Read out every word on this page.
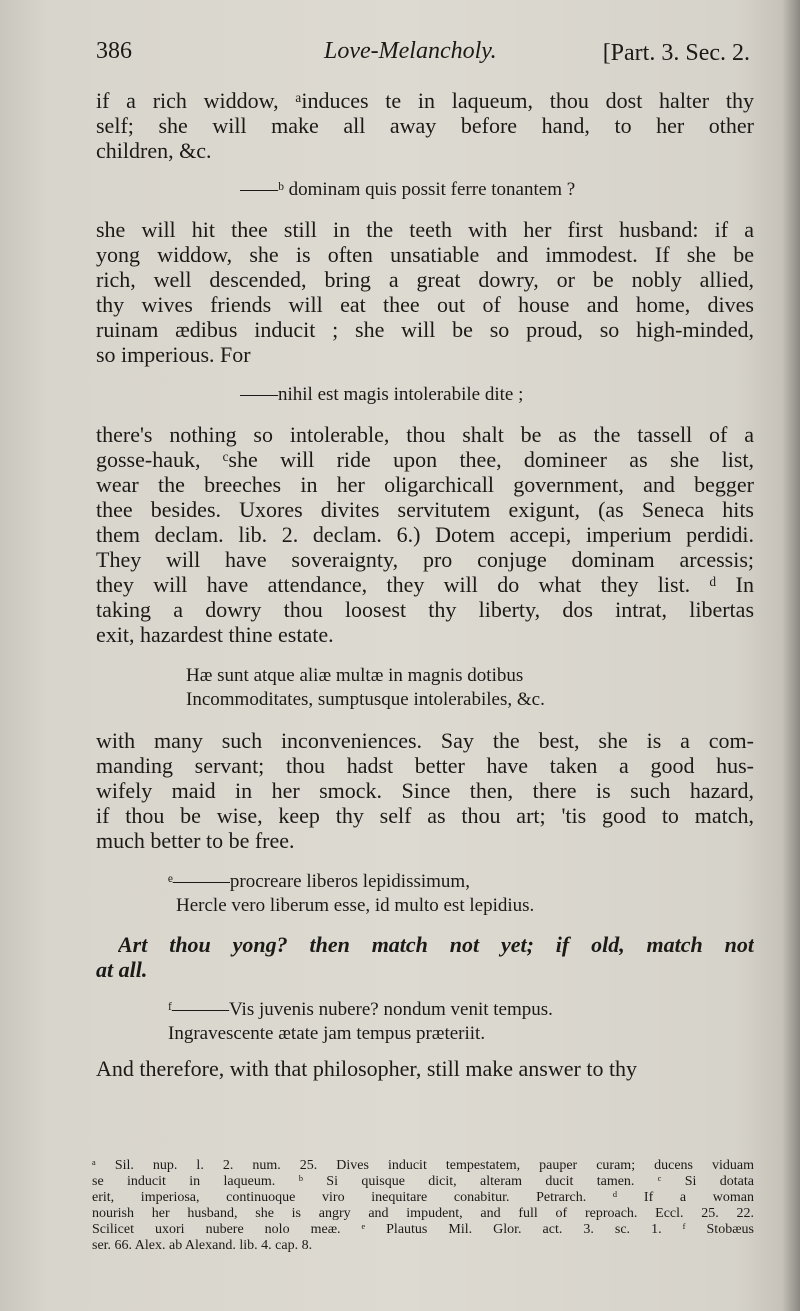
386	Love-Melancholy.	[Part. 3. Sec. 2.
if a rich widdow, ᵃinduces te in laqueum, thou dost halter thy
self; she will make all away before hand, to her other
children, &c.
——ᵇ dominam quis possit ferre tonantem ?
she will hit thee still in the teeth with her first husband: if a
yong widdow, she is often unsatiable and immodest. If she be
rich, well descended, bring a great dowry, or be nobly allied,
thy wives friends will eat thee out of house and home, dives
ruinam ædibus inducit ; she will be so proud, so high-minded,
so imperious. For
——nihil est magis intolerabile dite ;
there's nothing so intolerable, thou shalt be as the tassell of a
gosse-hauk, ᶜshe will ride upon thee, domineer as she list,
wear the breeches in her oligarchicall government, and begger
thee besides. Uxores divites servitutem exigunt, (as Seneca hits
them declam. lib. 2. declam. 6.) Dotem accepi, imperium perdidi.
They will have soveraignty, pro conjuge dominam arcessis;
they will have attendance, they will do what they list. ᵈ In
taking a dowry thou loosest thy liberty, dos intrat, libertas
exit, hazardest thine estate.
Hæ sunt atque aliæ multæ in magnis dotibus
Incommoditates, sumptusque intolerabiles, &c.
with many such inconveniences. Say the best, she is a com-
manding servant; thou hadst better have taken a good hus-
wifely maid in her smock. Since then, there is such hazard,
if thou be wise, keep thy self as thou art; 'tis good to match,
much better to be free.
ᵉ———procreare liberos lepidissimum,
Hercle vero liberum esse, id multo est lepidius.
Art thou yong? then match not yet; if old, match not
at all.
ᶠ———Vis juvenis nubere? nondum venit tempus.
Ingravescente ætate jam tempus præteriit.
And therefore, with that philosopher, still make answer to thy
ᵃ Sil. nup. l. 2. num. 25. Dives inducit tempestatem, pauper curam; ducens viduam
se inducit in laqueum. ᵇ Si quisque dicit, alteram ducit tamen. ᶜ Si dotata
erit, imperiosa, continuoque viro inequitare conabitur. Petrarch. ᵈ If a woman
nourish her husband, she is angry and impudent, and full of reproach. Eccl. 25. 22.
Scilicet uxori nubere nolo meæ. ᵉ Plautus Mil. Glor. act. 3. sc. 1. ᶠ Stobæus
ser. 66. Alex. ab Alexand. lib. 4. cap. 8.
